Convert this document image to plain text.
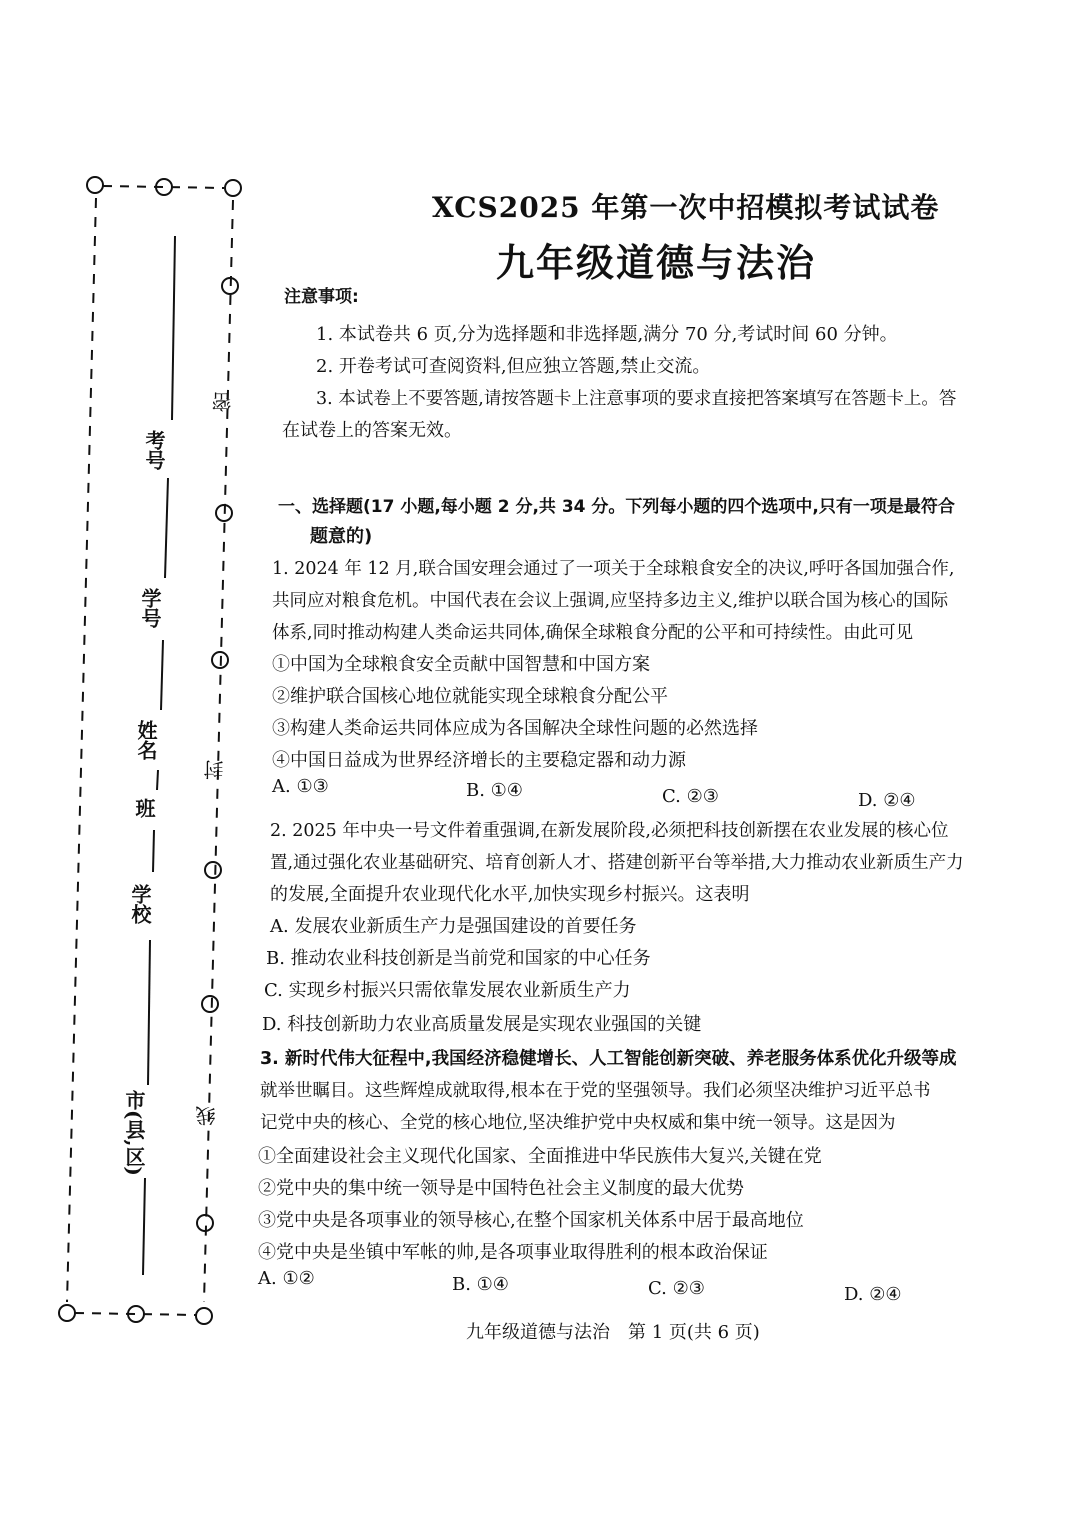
考号
学号
姓名
班
学校
市(县,区)
密
封
线
XCS2025 年第一次中招模拟考试试卷
九年级道德与法治
注意事项:
1. 本试卷共 6 页,分为选择题和非选择题,满分 70 分,考试时间 60 分钟。
2. 开卷考试可查阅资料,但应独立答题,禁止交流。
3. 本试卷上不要答题,请按答题卡上注意事项的要求直接把答案填写在答题卡上。答
在试卷上的答案无效。
一、选择题(17 小题,每小题 2 分,共 34 分。下列每小题的四个选项中,只有一项是最符合
题意的)
1. 2024 年 12 月,联合国安理会通过了一项关于全球粮食安全的决议,呼吁各国加强合作,
共同应对粮食危机。中国代表在会议上强调,应坚持多边主义,维护以联合国为核心的国际
体系,同时推动构建人类命运共同体,确保全球粮食分配的公平和可持续性。由此可见
①中国为全球粮食安全贡献中国智慧和中国方案
②维护联合国核心地位就能实现全球粮食分配公平
③构建人类命运共同体应成为各国解决全球性问题的必然选择
④中国日益成为世界经济增长的主要稳定器和动力源
A. ①③	B. ①④	C. ②③	D. ②④
2. 2025 年中央一号文件着重强调,在新发展阶段,必须把科技创新摆在农业发展的核心位
置,通过强化农业基础研究、培育创新人才、搭建创新平台等举措,大力推动农业新质生产力
的发展,全面提升农业现代化水平,加快实现乡村振兴。这表明
A. 发展农业新质生产力是强国建设的首要任务
B. 推动农业科技创新是当前党和国家的中心任务
C. 实现乡村振兴只需依靠发展农业新质生产力
D. 科技创新助力农业高质量发展是实现农业强国的关键
3. 新时代伟大征程中,我国经济稳健增长、人工智能创新突破、养老服务体系优化升级等成
就举世瞩目。这些辉煌成就取得,根本在于党的坚强领导。我们必须坚决维护习近平总书
记党中央的核心、全党的核心地位,坚决维护党中央权威和集中统一领导。这是因为
①全面建设社会主义现代化国家、全面推进中华民族伟大复兴,关键在党
②党中央的集中统一领导是中国特色社会主义制度的最大优势
③党中央是各项事业的领导核心,在整个国家机关体系中居于最高地位
④党中央是坐镇中军帐的帅,是各项事业取得胜利的根本政治保证
A. ①②	B. ①④	C. ②③	D. ②④
九年级道德与法治　第 1 页(共 6 页)
